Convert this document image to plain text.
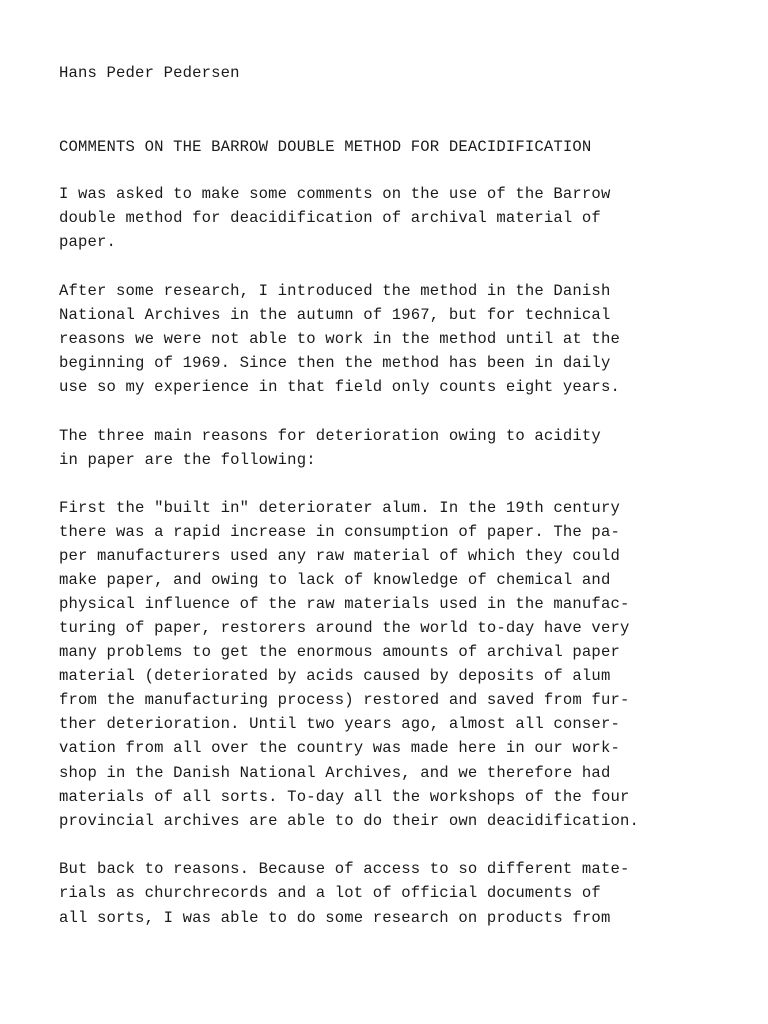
Hans Peder Pedersen
COMMENTS ON THE BARROW DOUBLE METHOD FOR DEACIDIFICATION
I was asked to make some comments on the use of the Barrow
double method for deacidification of archival material of
paper.
After some research, I introduced the method in the Danish
National Archives in the autumn of 1967, but for technical
reasons we were not able to work in the method until at the
beginning of 1969. Since then the method has been in daily
use so my experience in that field only counts eight years.
The three main reasons for deterioration owing to acidity
in paper are the following:
First the "built in" deteriorater alum. In the 19th century
there was a rapid increase in consumption of paper. The pa-
per manufacturers used any raw material of which they could
make paper, and owing to lack of knowledge of chemical and
physical influence of the raw materials used in the manufac-
turing of paper, restorers around the world to-day have very
many problems to get the enormous amounts of archival paper
material (deteriorated by acids caused by deposits of alum
from the manufacturing process) restored and saved from fur-
ther deterioration. Until two years ago, almost all conser-
vation from all over the country was made here in our work-
shop in the Danish National Archives, and we therefore had
materials of all sorts. To-day all the workshops of the four
provincial archives are able to do their own deacidification.
But back to reasons. Because of access to so different mate-
rials as churchrecords and a lot of official documents of
all sorts, I was able to do some research on products from
